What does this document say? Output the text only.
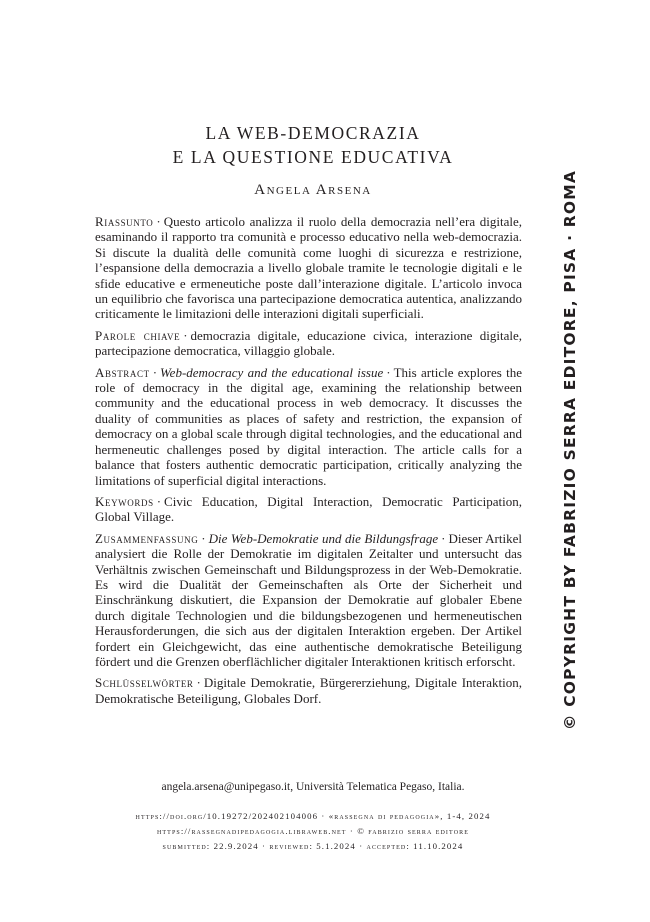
LA WEB-DEMOCRAZIA
E LA QUESTIONE EDUCATIVA
Angela Arsena

Riassunto · Questo articolo analizza il ruolo della democrazia nell’era digitale, esaminando il rapporto tra comunità e processo educativo nella web-democrazia. Si discute la dualità delle comunità come luoghi di sicurezza e restrizione, l’espansione della democrazia a livello globale tramite le tecnologie digitali e le sfide educative e ermeneutiche poste dall’interazione digitale. L’articolo invoca un equilibrio che favorisca una partecipazione democratica autentica, analizzando criticamente le limitazioni delle interazioni digitali superficiali.

Parole chiave · democrazia digitale, educazione civica, interazione digitale, partecipazione democratica, villaggio globale.

Abstract · Web-democracy and the educational issue · This article explores the role of democracy in the digital age, examining the relationship between community and the educational process in web democracy. It discusses the duality of communities as places of safety and restriction, the expansion of democracy on a global scale through digital technologies, and the educational and hermeneutic challenges posed by digital interaction. The article calls for a balance that fosters authentic democratic participation, critically analyzing the limitations of superficial digital interactions.

Keywords · Civic Education, Digital Interaction, Democratic Participation, Global Village.

Zusammenfassung · Die Web-Demokratie und die Bildungsfrage · Dieser Artikel analysiert die Rolle der Demokratie im digitalen Zeitalter und untersucht das Verhältnis zwischen Gemeinschaft und Bildungsprozess in der Web-Demokratie. Es wird die Dualität der Gemeinschaften als Orte der Sicherheit und Einschränkung diskutiert, die Expansion der Demokratie auf globaler Ebene durch digitale Technologien und die bildungsbezogenen und hermeneutischen Herausforderungen, die sich aus der digitalen Interaktion ergeben. Der Artikel fordert ein Gleichgewicht, das eine authentische demokratische Beteiligung fördert und die Grenzen oberflächlicher digitaler Interaktionen kritisch erforscht.

Schlüsselwörter · Digitale Demokratie, Bürgererziehung, Digitale Interaktion, Demokratische Beteiligung, Globales Dorf.

angela.arsena@unipegaso.it, Università Telematica Pegaso, Italia.
https://doi.org/10.19272/202402104006 · «rassegna di pedagogia», 1-4, 2024
https://rassegnadipedagogia.libraweb.net · © fabrizio serra editore
submitted: 22.9.2024 · reviewed: 5.1.2024 · accepted: 11.10.2024
© COPYRIGHT BY FABRIZIO SERRA EDITORE, PISA · ROMA
